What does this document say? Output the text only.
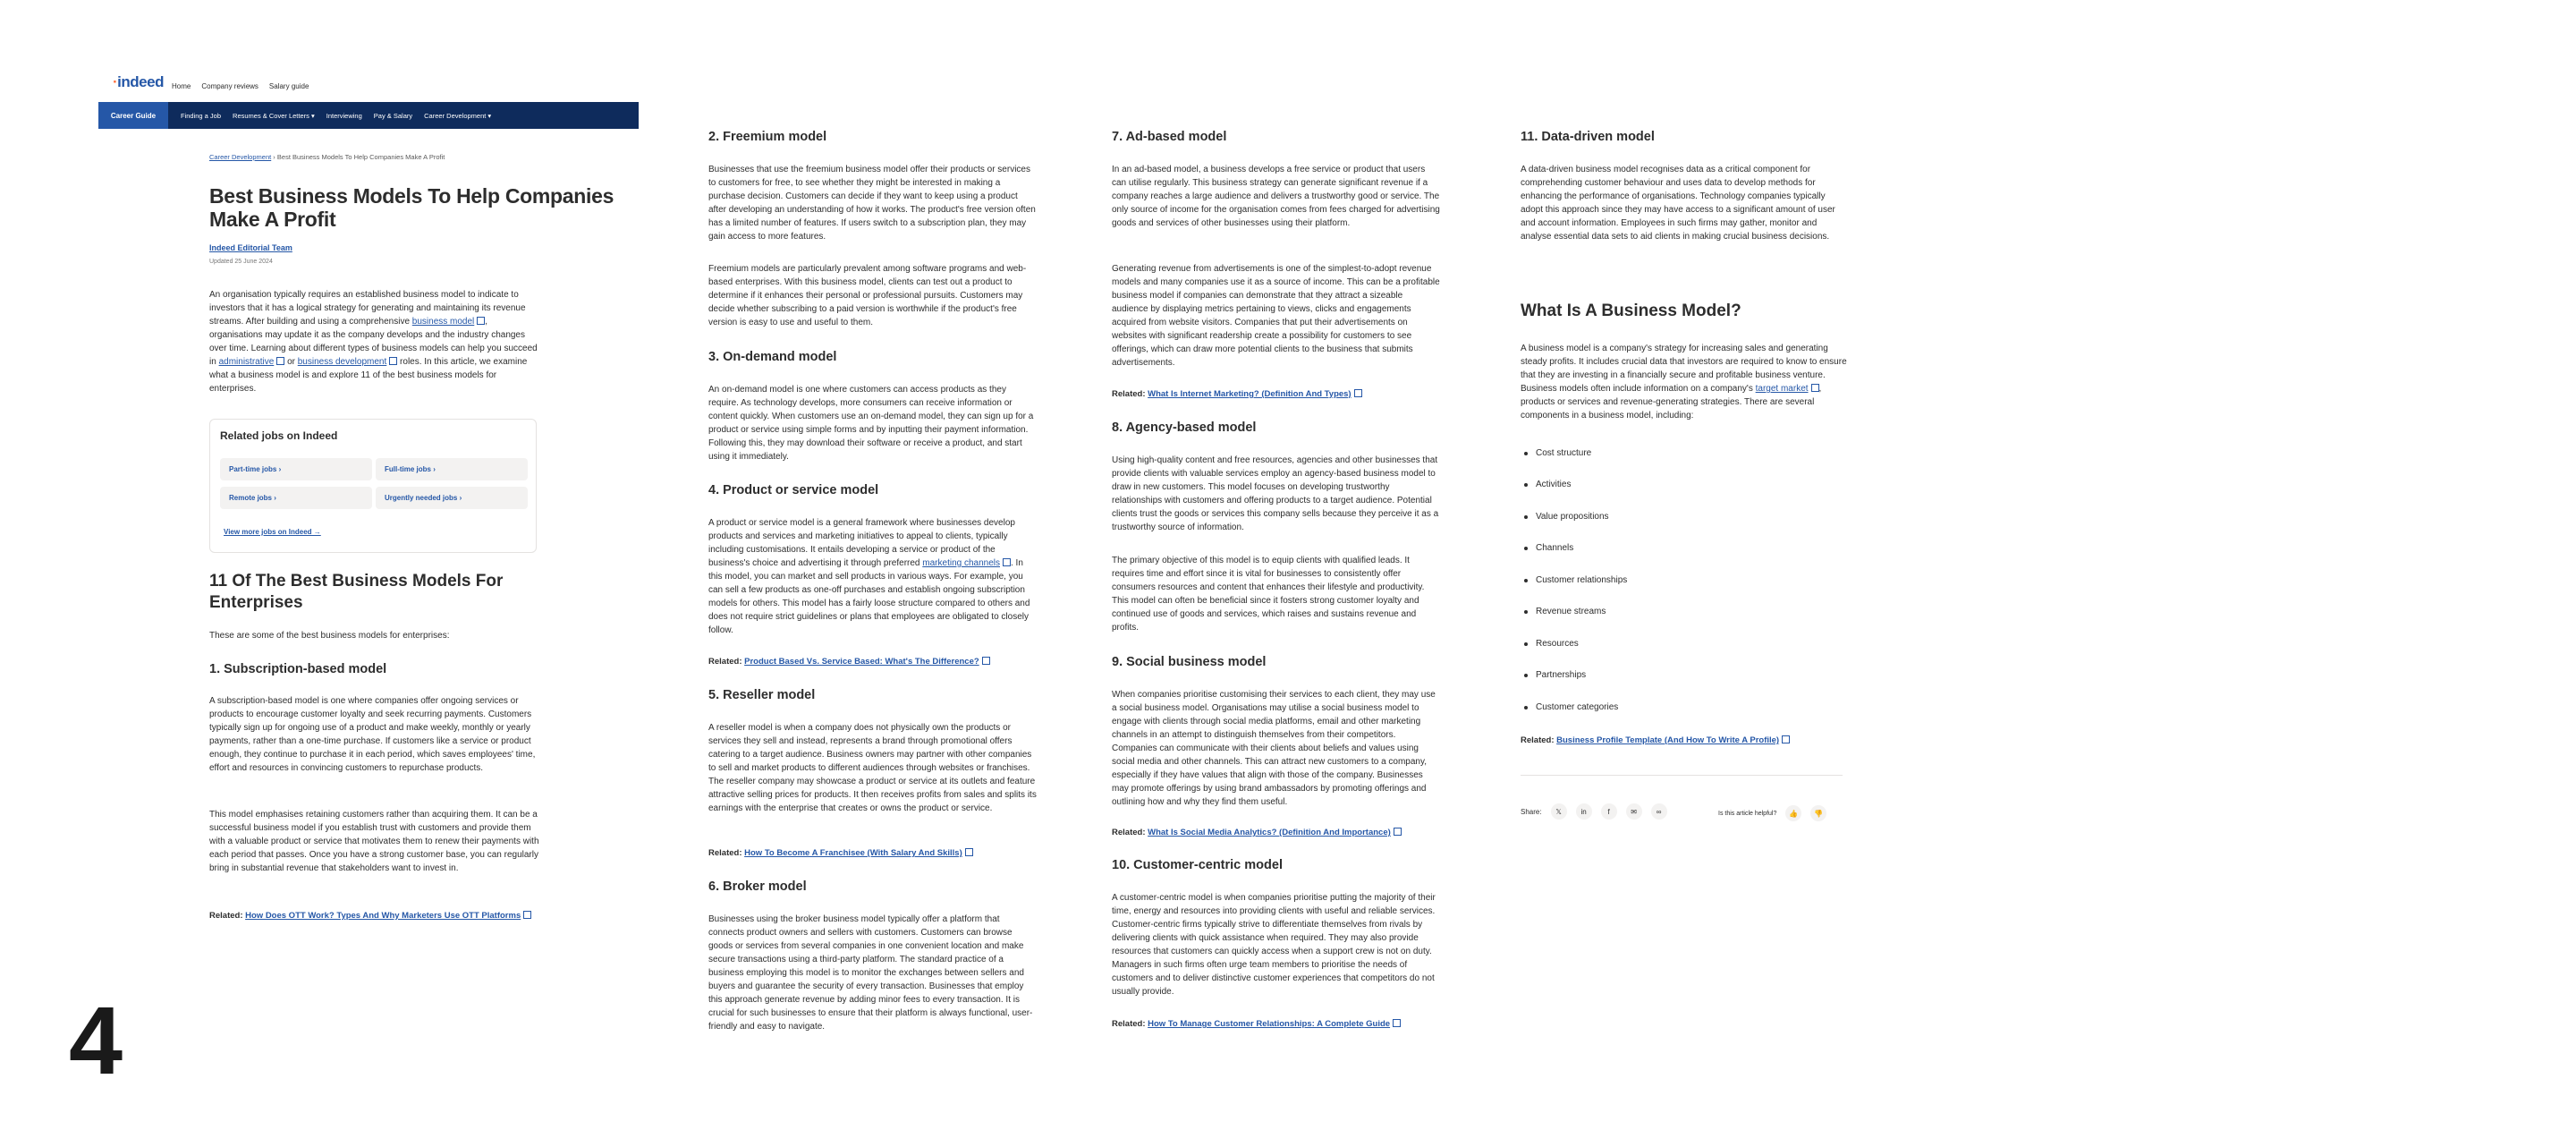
·indeed Home Company reviews Salary guide
Career Guide	Finding a Job Resumes & Cover Letters ▾ Interviewing Pay & Salary Career Development ▾
Career Development › Best Business Models To Help Companies Make A Profit
Best Business Models To Help Companies Make A Profit
Indeed Editorial Team
Updated 25 June 2024

An organisation typically requires an established business model to indicate to investors that it has a logical strategy for generating and maintaining its revenue streams. After building and using a comprehensive business model , organisations may update it as the company develops and the industry changes over time. Learning about different types of business models can help you succeed in administrative or business development roles. In this article, we examine what a business model is and explore 11 of the best business models for enterprises.

Related jobs on Indeed
Part-time jobs ›	Full-time jobs ›
Remote jobs ›	Urgently needed jobs ›
View more jobs on Indeed →
11 Of The Best Business Models For Enterprises

These are some of the best business models for enterprises:

1. Subscription-based model

A subscription-based model is one where companies offer ongoing services or products to encourage customer loyalty and seek recurring payments. Customers typically sign up for ongoing use of a product and make weekly, monthly or yearly payments, rather than a one-time purchase. If customers like a service or product enough, they continue to purchase it in each period, which saves employees' time, effort and resources in convincing customers to repurchase products.

This model emphasises retaining customers rather than acquiring them. It can be a successful business model if you establish trust with customers and provide them with a valuable product or service that motivates them to renew their payments with each period that passes. Once you have a strong customer base, you can regularly bring in substantial revenue that stakeholders want to invest in.

Related: How Does OTT Work? Types And Why Marketers Use OTT Platforms
4
2. Freemium model

Businesses that use the freemium business model offer their products or services to customers for free, to see whether they might be interested in making a purchase decision. Customers can decide if they want to keep using a product after developing an understanding of how it works. The product's free version often has a limited number of features. If users switch to a subscription plan, they may gain access to more features.

Freemium models are particularly prevalent among software programs and web-based enterprises. With this business model, clients can test out a product to determine if it enhances their personal or professional pursuits. Customers may decide whether subscribing to a paid version is worthwhile if the product's free version is easy to use and useful to them.

3. On-demand model

An on-demand model is one where customers can access products as they require. As technology develops, more consumers can receive information or content quickly. When customers use an on-demand model, they can sign up for a product or service using simple forms and by inputting their payment information. Following this, they may download their software or receive a product, and start using it immediately.

4. Product or service model

A product or service model is a general framework where businesses develop products and services and marketing initiatives to appeal to clients, typically including customisations. It entails developing a service or product of the business's choice and advertising it through preferred marketing channels . In this model, you can market and sell products in various ways. For example, you can sell a few products as one-off purchases and establish ongoing subscription models for others. This model has a fairly loose structure compared to others and does not require strict guidelines or plans that employees are obligated to closely follow.

Related: Product Based Vs. Service Based: What's The Difference?
5. Reseller model

A reseller model is when a company does not physically own the products or services they sell and instead, represents a brand through promotional offers catering to a target audience. Business owners may partner with other companies to sell and market products to different audiences through websites or franchises. The reseller company may showcase a product or service at its outlets and feature attractive selling prices for products. It then receives profits from sales and splits its earnings with the enterprise that creates or owns the product or service.

Related: How To Become A Franchisee (With Salary And Skills)
6. Broker model

Businesses using the broker business model typically offer a platform that connects product owners and sellers with customers. Customers can browse goods or services from several companies in one convenient location and make secure transactions using a third-party platform. The standard practice of a business employing this model is to monitor the exchanges between sellers and buyers and guarantee the security of every transaction. Businesses that employ this approach generate revenue by adding minor fees to every transaction. It is crucial for such businesses to ensure that their platform is always functional, user-friendly and easy to navigate.

7. Ad-based model

In an ad-based model, a business develops a free service or product that users can utilise regularly. This business strategy can generate significant revenue if a company reaches a large audience and delivers a trustworthy good or service. The only source of income for the organisation comes from fees charged for advertising goods and services of other businesses using their platform.

Generating revenue from advertisements is one of the simplest-to-adopt revenue models and many companies use it as a source of income. This can be a profitable business model if companies can demonstrate that they attract a sizeable audience by displaying metrics pertaining to views, clicks and engagements acquired from website visitors. Companies that put their advertisements on websites with significant readership create a possibility for customers to see offerings, which can draw more potential clients to the business that submits advertisements.

Related: What Is Internet Marketing? (Definition And Types)
8. Agency-based model

Using high-quality content and free resources, agencies and other businesses that provide clients with valuable services employ an agency-based business model to draw in new customers. This model focuses on developing trustworthy relationships with customers and offering products to a target audience. Potential clients trust the goods or services this company sells because they perceive it as a trustworthy source of information.

The primary objective of this model is to equip clients with qualified leads. It requires time and effort since it is vital for businesses to consistently offer consumers resources and content that enhances their lifestyle and productivity. This model can often be beneficial since it fosters strong customer loyalty and continued use of goods and services, which raises and sustains revenue and profits.

9. Social business model

When companies prioritise customising their services to each client, they may use a social business model. Organisations may utilise a social business model to engage with clients through social media platforms, email and other marketing channels in an attempt to distinguish themselves from their competitors. Companies can communicate with their clients about beliefs and values using social media and other channels. This can attract new customers to a company, especially if they have values that align with those of the company. Businesses may promote offerings by using brand ambassadors by promoting offerings and outlining how and why they find them useful.

Related: What Is Social Media Analytics? (Definition And Importance)
10. Customer-centric model

A customer-centric model is when companies prioritise putting the majority of their time, energy and resources into providing clients with useful and reliable services. Customer-centric firms typically strive to differentiate themselves from rivals by delivering clients with quick assistance when required. They may also provide resources that customers can quickly access when a support crew is not on duty. Managers in such firms often urge team members to prioritise the needs of customers and to deliver distinctive customer experiences that competitors do not usually provide.

Related: How To Manage Customer Relationships: A Complete Guide
11. Data-driven model

A data-driven business model recognises data as a critical component for comprehending customer behaviour and uses data to develop methods for enhancing the performance of organisations. Technology companies typically adopt this approach since they may have access to a significant amount of user and account information. Employees in such firms may gather, monitor and analyse essential data sets to aid clients in making crucial business decisions.

What Is A Business Model?

A business model is a company's strategy for increasing sales and generating steady profits. It includes crucial data that investors are required to know to ensure that they are investing in a financially secure and profitable business venture. Business models often include information on a company's target market , products or services and revenue-generating strategies. There are several components in a business model, including:

Cost structure
Activities
Value propositions
Channels
Customer relationships
Revenue streams
Resources
Partnerships
Customer categories
Related: Business Profile Template (And How To Write A Profile)
Share:	𝕏	in	f	✉	∞	Is this article helpful?	👍	👎
